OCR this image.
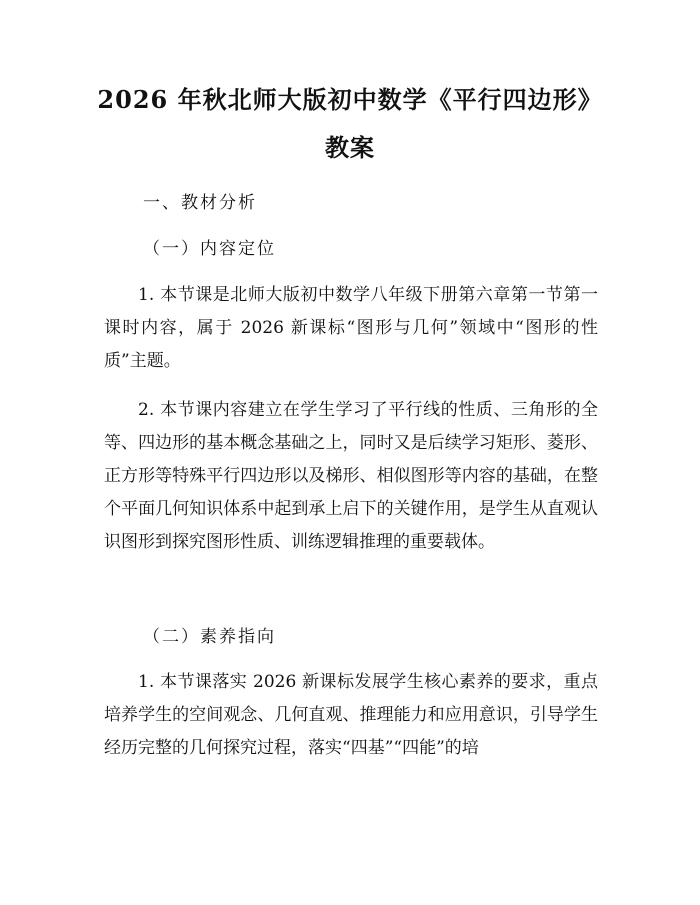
2026 年秋北师大版初中数学《平行四边形》
教案
一、教材分析
（一）内容定位

1. 本节课是北师大版初中数学八年级下册第六章第一节第一课时内容，属于 2026 新课标“图形与几何”领域中“图形的性质”主题。

2. 本节课内容建立在学生学习了平行线的性质、三角形的全等、四边形的基本概念基础之上，同时又是后续学习矩形、菱形、正方形等特殊平行四边形以及梯形、相似图形等内容的基础，在整个平面几何知识体系中起到承上启下的关键作用，是学生从直观认识图形到探究图形性质、训练逻辑推理的重要载体。

（二）素养指向

1. 本节课落实 2026 新课标发展学生核心素养的要求，重点培养学生的空间观念、几何直观、推理能力和应用意识，引导学生经历完整的几何探究过程，落实“四基”“四能”的培
